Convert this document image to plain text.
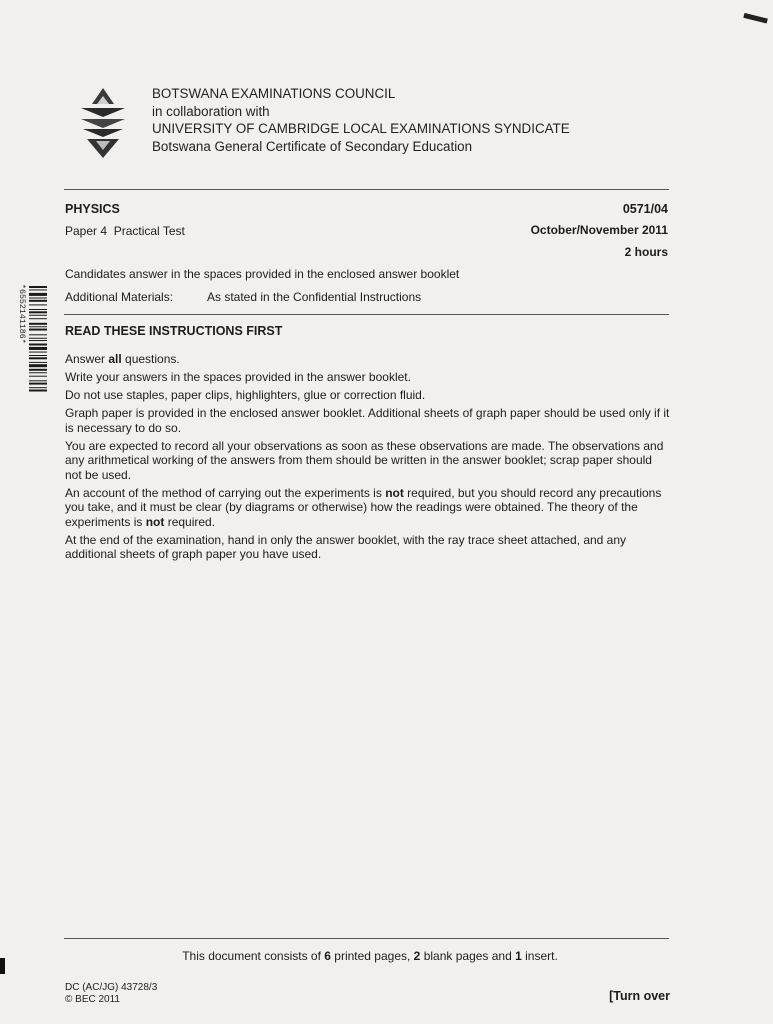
BOTSWANA EXAMINATIONS COUNCIL
in collaboration with
UNIVERSITY OF CAMBRIDGE LOCAL EXAMINATIONS SYNDICATE
Botswana General Certificate of Secondary Education
PHYSICS
Paper 4  Practical Test
0571/04
October/November 2011
2 hours
Candidates answer in the spaces provided in the enclosed answer booklet
Additional Materials:	As stated in the Confidential Instructions
*6552141186*	READ THESE INSTRUCTIONS FIRST

Answer all questions.

Write your answers in the spaces provided in the answer booklet.

Do not use staples, paper clips, highlighters, glue or correction fluid.

Graph paper is provided in the enclosed answer booklet. Additional sheets of graph paper should be used only if it is necessary to do so.

You are expected to record all your observations as soon as these observations are made. The observations and any arithmetical working of the answers from them should be written in the answer booklet; scrap paper should not be used.

An account of the method of carrying out the experiments is not required, but you should record any precautions you take, and it must be clear (by diagrams or otherwise) how the readings were obtained. The theory of the experiments is not required.

At the end of the examination, hand in only the answer booklet, with the ray trace sheet attached, and any additional sheets of graph paper you have used.

This document consists of 6 printed pages, 2 blank pages and 1 insert.
DC (AC/JG) 43728/3
© BEC 2011	[Turn over
